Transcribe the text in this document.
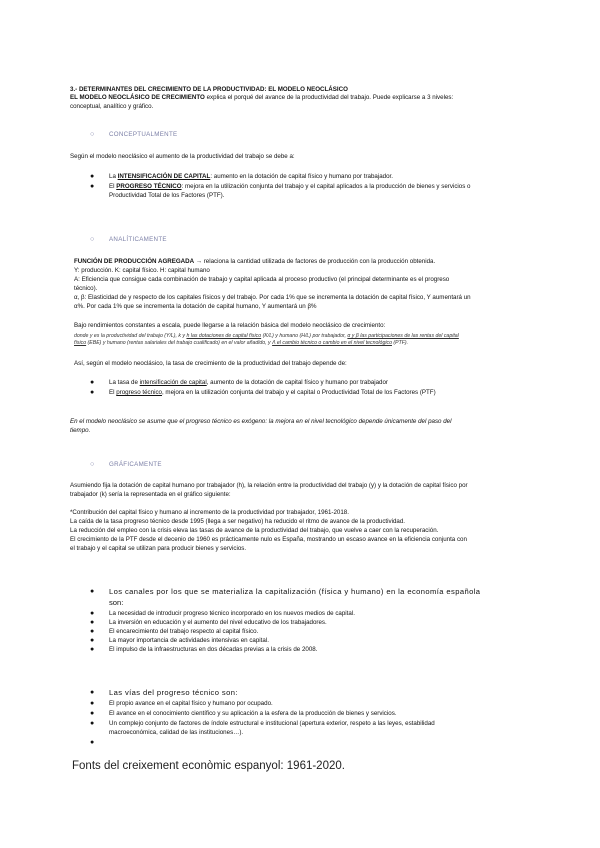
3.- DETERMINANTES DEL CRECIMIENTO DE LA PRODUCTIVIDAD: EL MODELO NEOCLÁSICO

EL MODELO NEOCLÁSICO DE CRECIMIENTO explica el porqué del avance de la productividad del trabajo. Puede explicarse a 3 niveles:

conceptual, analítico y gráfico.

○ CONCEPTUALMENTE

Según el modelo neoclásico el aumento de la productividad del trabajo se debe a:

● La INTENSIFICACIÓN DE CAPITAL: aumento en la dotación de capital físico y humano por trabajador.

● El PROGRESO TÉCNICO: mejora en la utilización conjunta del trabajo y el capital aplicados a la producción de bienes y servicios o

Productividad Total de los Factores (PTF).

○ ANALÍTICAMENTE

FUNCIÓN DE PRODUCCIÓN AGREGADA → relaciona la cantidad utilizada de factores de producción con la producción obtenida.

Y: producción. K: capital físico. H: capital humano

A: Eficiencia que consigue cada combinación de trabajo y capital aplicada al proceso productivo (el principal determinante es el progreso

técnico).

α, β: Elasticidad de y respecto de los capitales físicos y del trabajo. Por cada 1% que se incrementa la dotación de capital físico, Y aumentará un

α%. Por cada 1% que se incrementa la dotación de capital humano, Y aumentará un β%

Bajo rendimientos constantes a escala, puede llegarse a la relación básica del modelo neoclásico de crecimiento:

donde y es la productividad del trabajo (Y/L), k y h las dotaciones de capital físico (K/L) y humano (H/L) por trabajador, α y β las participaciones de las rentas del capital

físico (EBE) y humano (rentas salariales del trabajo cualificado) en el valor añadido, y Λ el cambio técnico o cambio en el nivel tecnológico (PTF).

Así, según el modelo neoclásico, la tasa de crecimiento de la productividad del trabajo depende de:

● La tasa de intensificación de capital, aumento de la dotación de capital físico y humano por trabajador

● El progreso técnico, mejora en la utilización conjunta del trabajo y el capital o Productividad Total de los Factores (PTF)

En el modelo neoclásico se asume que el progreso técnico es exógeno: la mejora en el nivel tecnológico depende únicamente del paso del

tiempo.

○ GRÁFICAMENTE

Asumiendo fija la dotación de capital humano por trabajador (h), la relación entre la productividad del trabajo (y) y la dotación de capital físico por

trabajador (k) sería la representada en el gráfico siguiente:

*Contribución del capital físico y humano al incremento de la productividad por trabajador, 1961-2018.

La caída de la tasa progreso técnico desde 1995 (llega a ser negativo) ha reducido el ritmo de avance de la productividad.

La reducción del empleo con la crisis eleva las tasas de avance de la productividad del trabajo, que vuelve a caer con la recuperación.

El crecimiento de la PTF desde el decenio de 1960 es prácticamente nulo es España, mostrando un escaso avance en la eficiencia conjunta con

el trabajo y el capital se utilizan para producir bienes y servicios.

● Los canales por los que se materializa la capitalización (física y humano) en la economía española

son:

● La necesidad de introducir progreso técnico incorporado en los nuevos medios de capital.

● La inversión en educación y el aumento del nivel educativo de los trabajadores.

● El encarecimiento del trabajo respecto al capital físico.

● La mayor importancia de actividades intensivas en capital.

● El impulso de la infraestructuras en dos décadas previas a la crisis de 2008.

● Las vías del progreso técnico son:

● El propio avance en el capital físico y humano por ocupado.

● El avance en el conocimiento científico y su aplicación a la esfera de la producción de bienes y servicios.

● Un complejo conjunto de factores de índole estructural e institucional (apertura exterior, respeto a las leyes, estabilidad

macroeconómica, calidad de las instituciones…).

●

Fonts del creixement econòmic espanyol: 1961-2020.
